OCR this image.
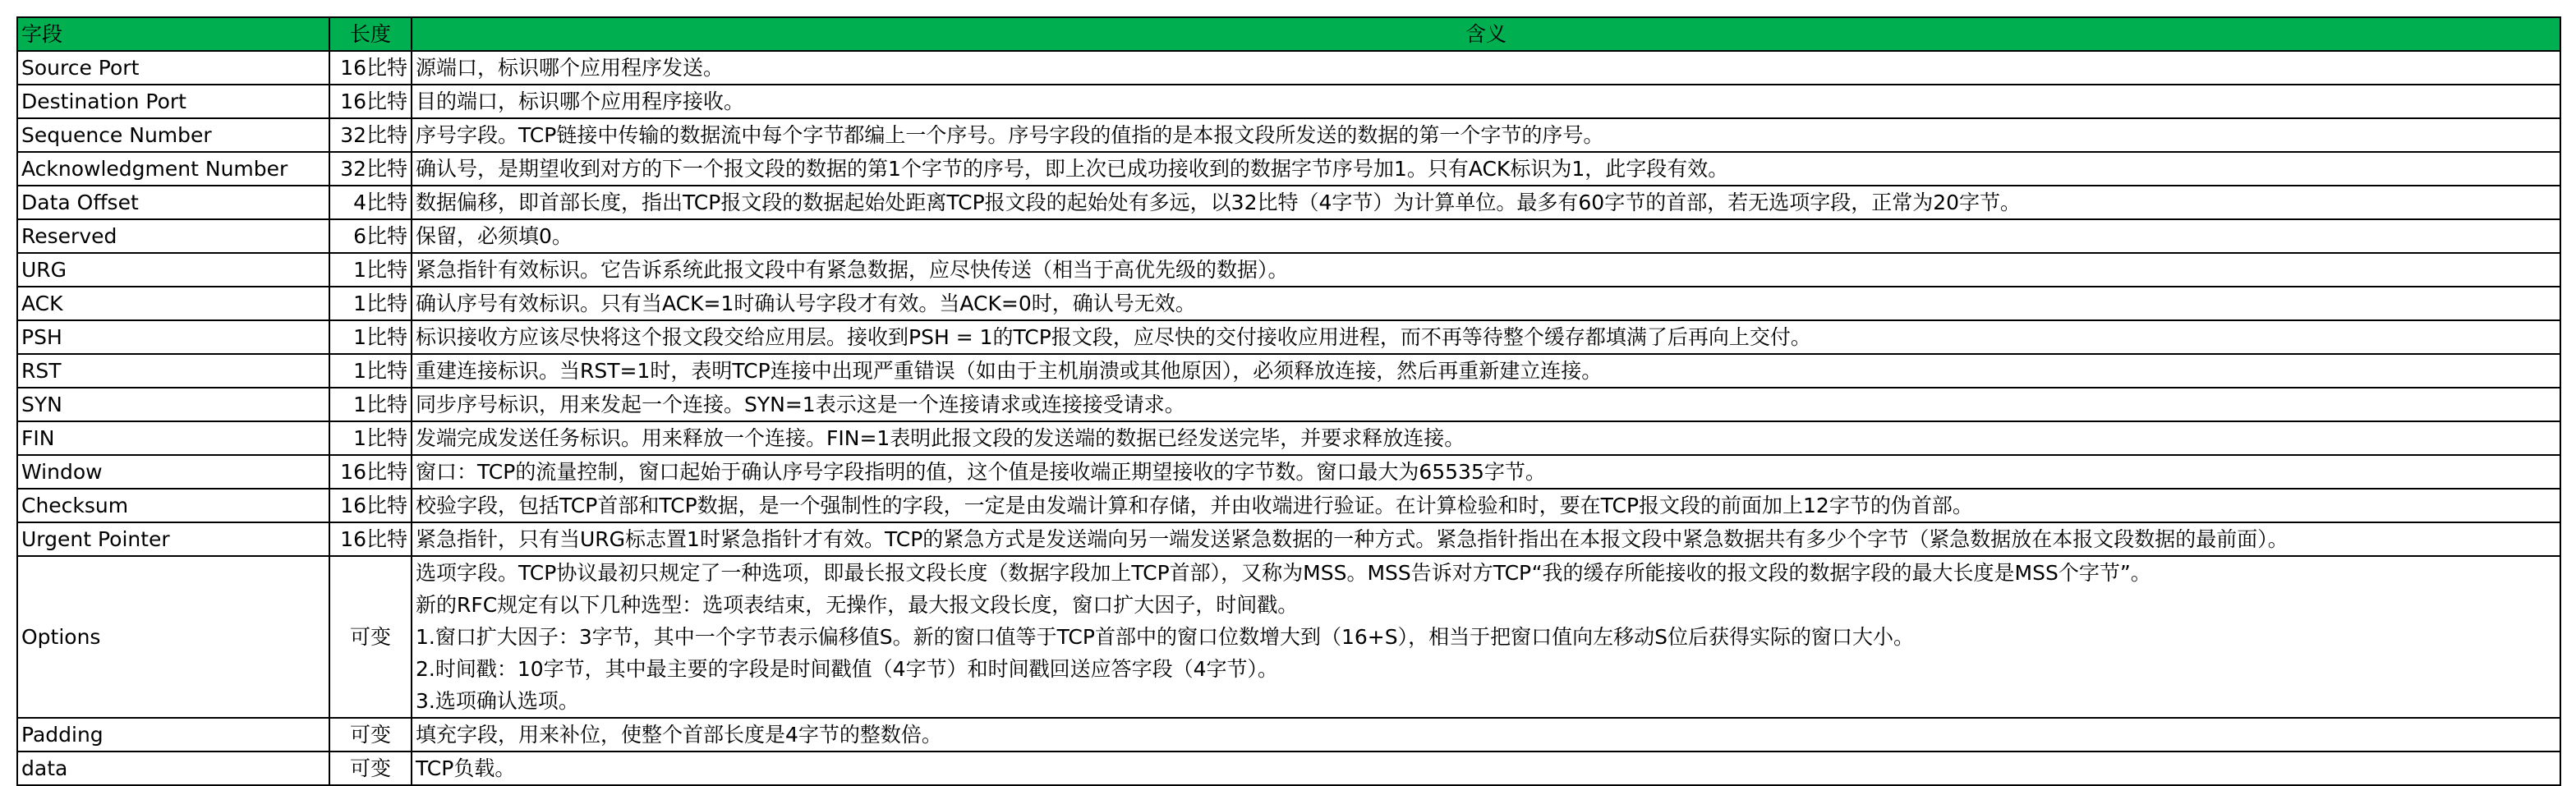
字段	长度	含义
Source Port	16比特	源端口，标识哪个应用程序发送。
Destination Port	16比特	目的端口，标识哪个应用程序接收。
Sequence Number	32比特	序号字段。TCP链接中传输的数据流中每个字节都编上一个序号。序号字段的值指的是本报文段所发送的数据的第一个字节的序号。
Acknowledgment Number	32比特	确认号，是期望收到对方的下一个报文段的数据的第1个字节的序号，即上次已成功接收到的数据字节序号加1。只有ACK标识为1，此字段有效。
Data Offset	4比特	数据偏移，即首部长度，指出TCP报文段的数据起始处距离TCP报文段的起始处有多远，以32比特（4字节）为计算单位。最多有60字节的首部，若无选项字段，正常为20字节。
Reserved	6比特	保留，必须填0。
URG	1比特	紧急指针有效标识。它告诉系统此报文段中有紧急数据，应尽快传送（相当于高优先级的数据）。
ACK	1比特	确认序号有效标识。只有当ACK=1时确认号字段才有效。当ACK=0时，确认号无效。
PSH	1比特	标识接收方应该尽快将这个报文段交给应用层。接收到PSH = 1的TCP报文段，应尽快的交付接收应用进程，而不再等待整个缓存都填满了后再向上交付。
RST	1比特	重建连接标识。当RST=1时，表明TCP连接中出现严重错误（如由于主机崩溃或其他原因），必须释放连接，然后再重新建立连接。
SYN	1比特	同步序号标识，用来发起一个连接。SYN=1表示这是一个连接请求或连接接受请求。
FIN	1比特	发端完成发送任务标识。用来释放一个连接。FIN=1表明此报文段的发送端的数据已经发送完毕，并要求释放连接。
Window	16比特	窗口：TCP的流量控制，窗口起始于确认序号字段指明的值，这个值是接收端正期望接收的字节数。窗口最大为65535字节。
Checksum	16比特	校验字段，包括TCP首部和TCP数据，是一个强制性的字段，一定是由发端计算和存储，并由收端进行验证。在计算检验和时，要在TCP报文段的前面加上12字节的伪首部。
Urgent Pointer	16比特	紧急指针，只有当URG标志置1时紧急指针才有效。TCP的紧急方式是发送端向另一端发送紧急数据的一种方式。紧急指针指出在本报文段中紧急数据共有多少个字节（紧急数据放在本报文段数据的最前面）。
Options	可变	选项字段。TCP协议最初只规定了一种选项，即最长报文段长度（数据字段加上TCP首部），又称为MSS。MSS告诉对方TCP“我的缓存所能接收的报文段的数据字段的最大长度是MSS个字节”。
新的RFC规定有以下几种选型：选项表结束，无操作，最大报文段长度，窗口扩大因子，时间戳。
1.窗口扩大因子：3字节，其中一个字节表示偏移值S。新的窗口值等于TCP首部中的窗口位数增大到（16+S），相当于把窗口值向左移动S位后获得实际的窗口大小。
2.时间戳：10字节，其中最主要的字段是时间戳值（4字节）和时间戳回送应答字段（4字节）。
3.选项确认选项。

Padding	可变	填充字段，用来补位，使整个首部长度是4字节的整数倍。
data	可变	TCP负载。
